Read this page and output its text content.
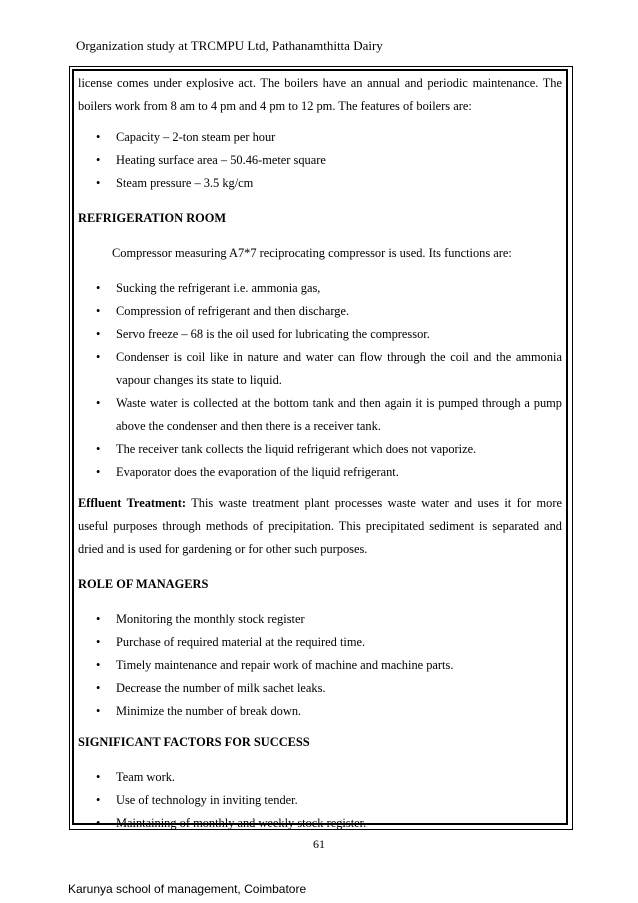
Organization study at TRCMPU Ltd, Pathanamthitta Dairy

license comes under explosive act. The boilers have an annual and periodic maintenance. The boilers work from 8 am to 4 pm and 4 pm to 12 pm. The features of boilers are:

• Capacity – 2-ton steam per hour
• Heating surface area – 50.46-meter square
• Steam pressure – 3.5 kg/cm

REFRIGERATION ROOM

Compressor measuring A7*7 reciprocating compressor is used. Its functions are:

• Sucking the refrigerant i.e. ammonia gas,
• Compression of refrigerant and then discharge.
• Servo freeze – 68 is the oil used for lubricating the compressor.
• Condenser is coil like in nature and water can flow through the coil and the ammonia vapour changes its state to liquid.
• Waste water is collected at the bottom tank and then again it is pumped through a pump above the condenser and then there is a receiver tank.
• The receiver tank collects the liquid refrigerant which does not vaporize.
• Evaporator does the evaporation of the liquid refrigerant.

Effluent Treatment: This waste treatment plant processes waste water and uses it for more useful purposes through methods of precipitation. This precipitated sediment is separated and dried and is used for gardening or for other such purposes.

ROLE OF MANAGERS

• Monitoring the monthly stock register
• Purchase of required material at the required time.
• Timely maintenance and repair work of machine and machine parts.
• Decrease the number of milk sachet leaks.
• Minimize the number of break down.

SIGNIFICANT FACTORS FOR SUCCESS

• Team work.
• Use of technology in inviting tender.
• Maintaining of monthly and weekly stock register.
61
Karunya school of management, Coimbatore
